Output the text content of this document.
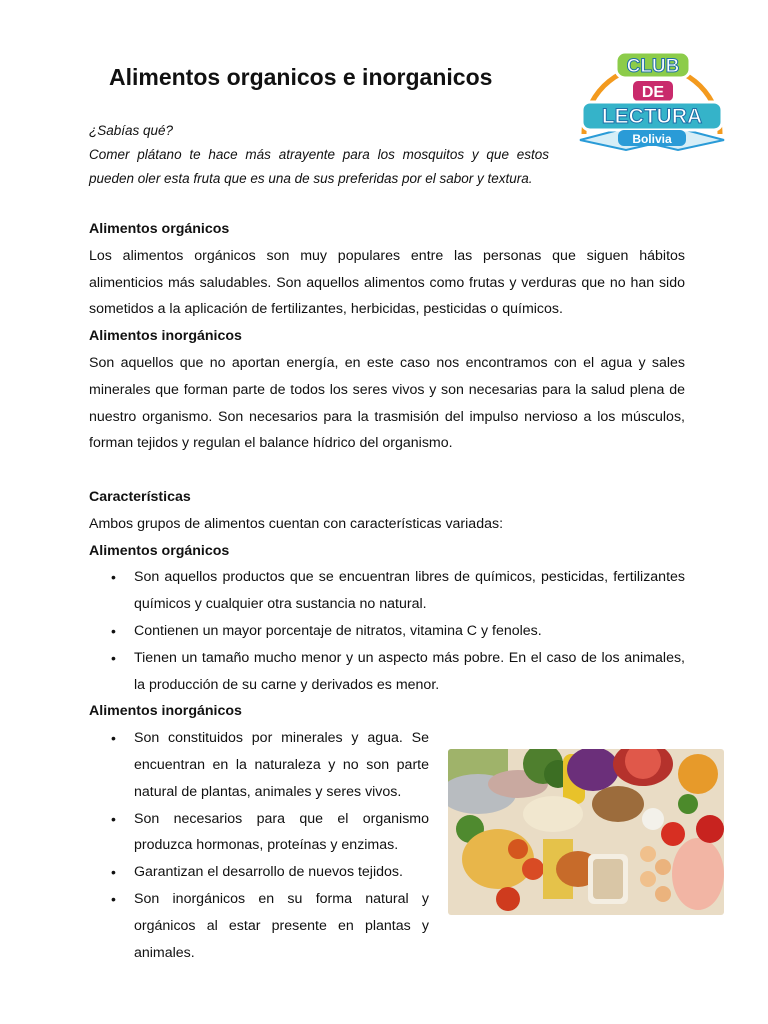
Alimentos organicos e inorganicos	CLUB
DE
LECTURA
Bolivia

¿Sabías qué?

Comer plátano te hace más atrayente para los mosquitos y que estos pueden oler esta fruta que es una de sus preferidas por el sabor y textura.

Alimentos orgánicos

Los alimentos orgánicos son muy populares entre las personas que siguen hábitos alimenticios más saludables. Son aquellos alimentos como frutas y verduras que no han sido sometidos a la aplicación de fertilizantes, herbicidas, pesticidas o químicos.

Alimentos inorgánicos

Son aquellos que no aportan energía, en este caso nos encontramos con el agua y sales minerales que forman parte de todos los seres vivos y son necesarias para la salud plena de nuestro organismo. Son necesarios para la trasmisión del impulso nervioso a los músculos, forman tejidos y regulan el balance hídrico del organismo.

Características

Ambos grupos de alimentos cuentan con características variadas:

Alimentos orgánicos
• Son aquellos productos que se encuentran libres de químicos, pesticidas, fertilizantes químicos y cualquier otra sustancia no natural.
• Contienen un mayor porcentaje de nitratos, vitamina C y fenoles.
• Tienen un tamaño mucho menor y un aspecto más pobre. En el caso de los animales, la producción de su carne y derivados es menor.
Alimentos inorgánicos
• Son constituidos por minerales y agua. Se encuentran en la naturaleza y no son parte natural de plantas, animales y seres vivos.
• Son necesarios para que el organismo produzca hormonas, proteínas y enzimas.
• Garantizan el desarrollo de nuevos tejidos.
• Son inorgánicos en su forma natural y orgánicos al estar presente en plantas y animales.
